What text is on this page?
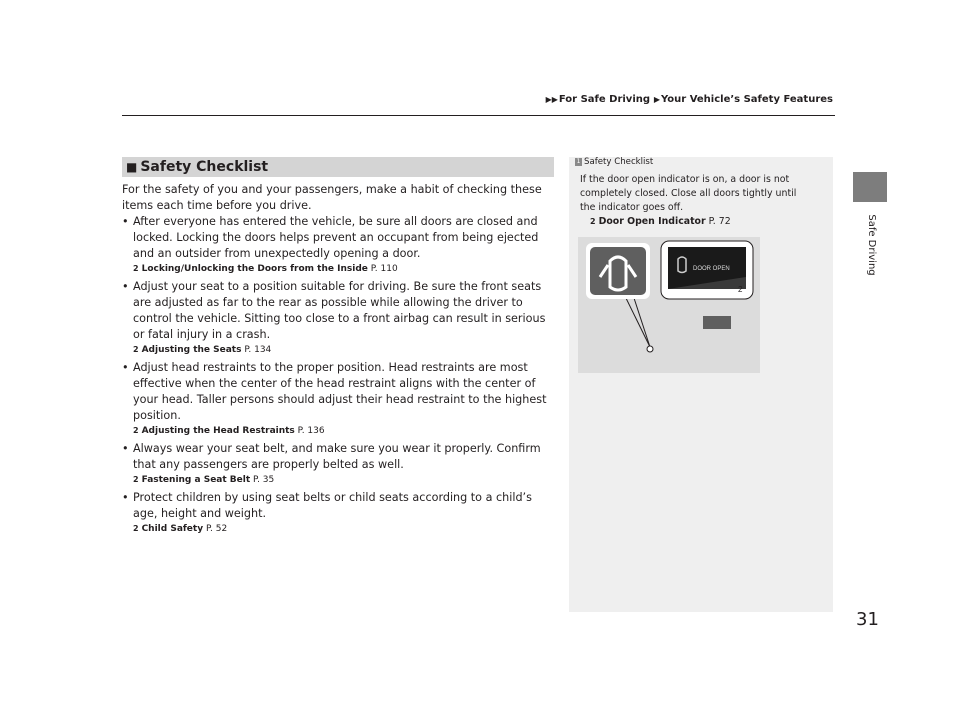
▶▶For Safe Driving ▶Your Vehicle’s Safety Features
Safe Driving
31
■ Safety Checklist

For the safety of you and your passengers, make a habit of checking these items each time before you drive.

• After everyone has entered the vehicle, be sure all doors are closed and locked. Locking the doors helps prevent an occupant from being ejected and an outsider from unexpectedly opening a door.

2 Locking/Unlocking the Doors from the Inside P. 110

• Adjust your seat to a position suitable for driving. Be sure the front seats are adjusted as far to the rear as possible while allowing the driver to control the vehicle. Sitting too close to a front airbag can result in serious or fatal injury in a crash.

2 Adjusting the Seats P. 134

• Adjust head restraints to the proper position. Head restraints are most effective when the center of the head restraint aligns with the center of your head. Taller persons should adjust their head restraint to the highest position.

2 Adjusting the Head Restraints P. 136

• Always wear your seat belt, and make sure you wear it properly. Confirm that any passengers are properly belted as well.

2 Fastening a Seat Belt P. 35

• Protect children by using seat belts or child seats according to a child’s age, height and weight.

2 Child Safety P. 52
1 Safety Checklist
If the door open indicator is on, a door is not completely closed. Close all doors tightly until the indicator goes off.
2 Door Open Indicator P. 72
DOOR OPEN
2
